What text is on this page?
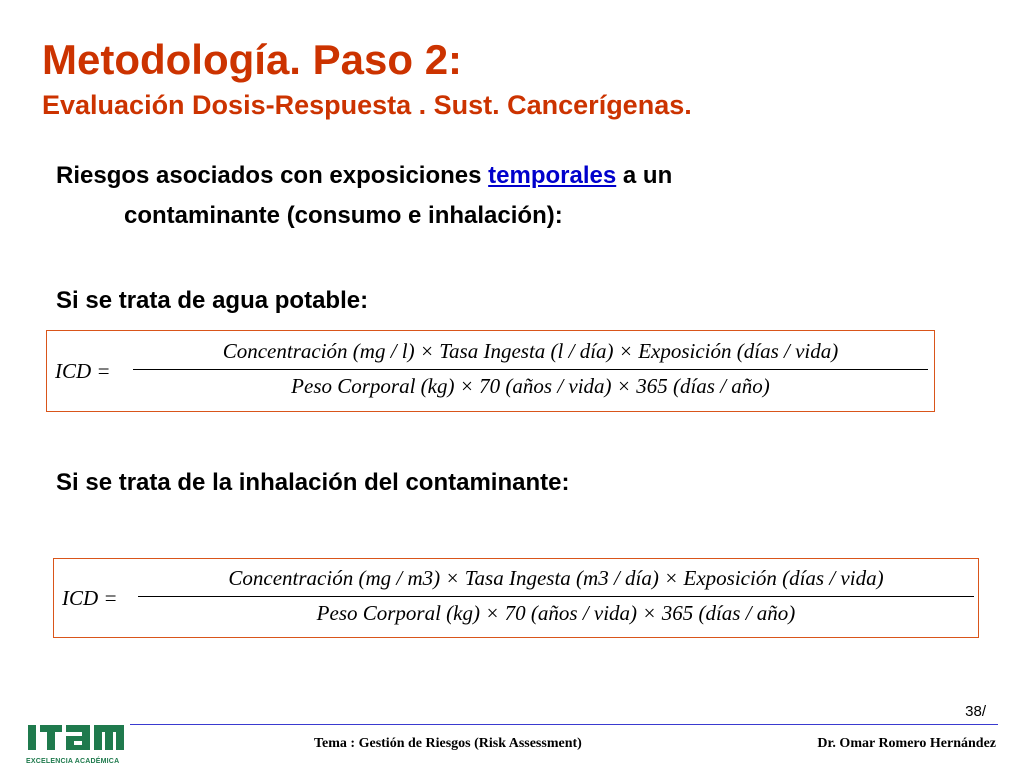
Metodología. Paso 2:
Evaluación Dosis-Respuesta . Sust. Cancerígenas.
Riesgos asociados con exposiciones temporales a un
contaminante (consumo e inhalación):
Si se trata de agua potable:
ICD =
Concentración (mg / l) × Tasa Ingesta (l / día) × Exposición (días / vida)
Peso Corporal (kg) × 70 (años / vida) × 365 (días / año)
Si se trata de la inhalación del contaminante:
ICD =
Concentración (mg / m3) × Tasa Ingesta (m3 / día) × Exposición (días / vida)
Peso Corporal (kg) × 70 (años / vida) × 365 (días / año)
38/
EXCELENCIA ACADÉMICA
Tema : Gestión de Riesgos (Risk Assessment)	Dr. Omar Romero Hernández
